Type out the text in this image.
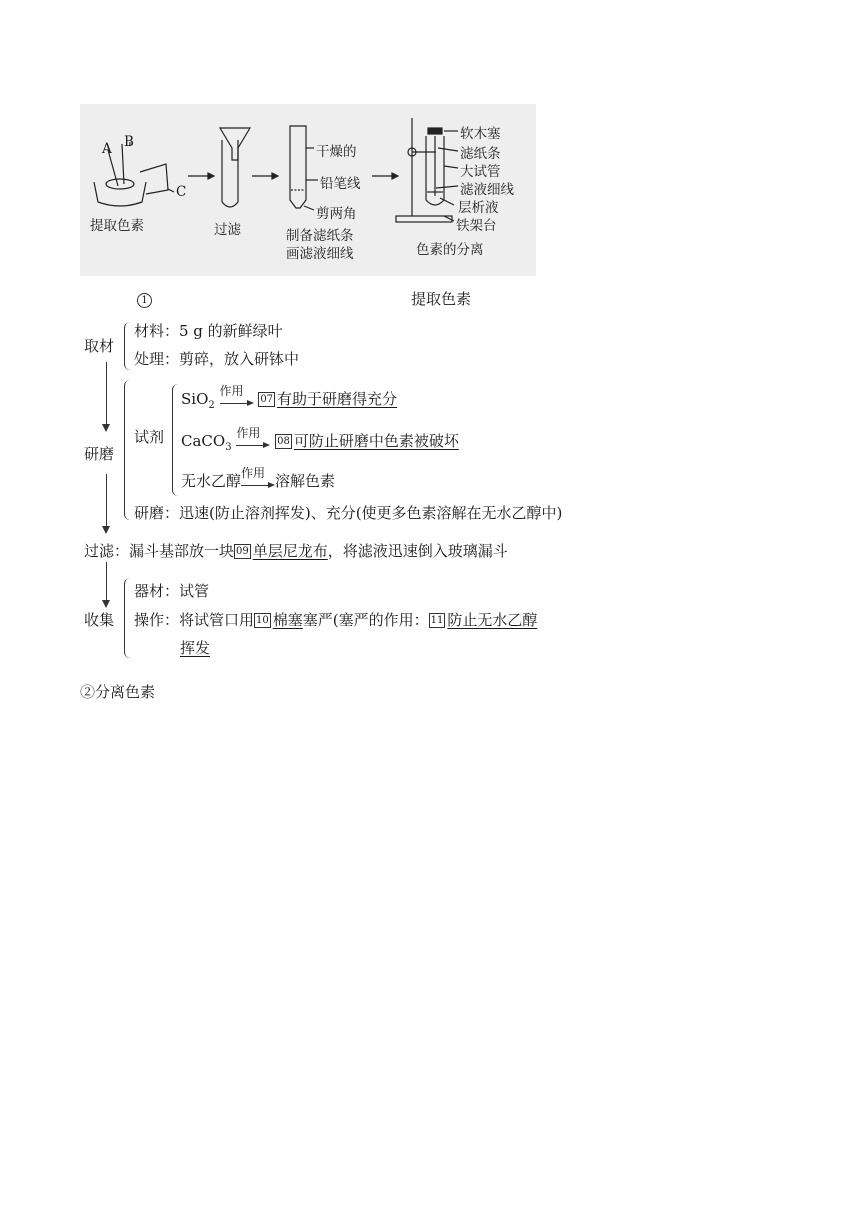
A B
C
提取色素	过滤
干燥的
铅笔线
剪两角
制备滤纸条
画滤液细线
软木塞
滤纸条
大试管
滤液细线
层析液
铁架台
色素的分离
1	提取色素
取材
材料：5 g 的新鲜绿叶
处理：剪碎，放入研钵中
研磨
试剂
SiO$_2$
作用
07 有助于研磨得充分
CaCO$_3$
作用
08 可防止研磨中色素被破坏
无水乙醇 作用 溶解色素
研磨：迅速(防止溶剂挥发)、充分(使更多色素溶解在无水乙醇中)
过滤：漏斗基部放一块 09 单层尼龙布，将滤液迅速倒入玻璃漏斗
收集
器材：试管
操作：将试管口用 10 棉塞塞严(塞严的作用： 11 防止无水乙醇
挥发
②分离色素
